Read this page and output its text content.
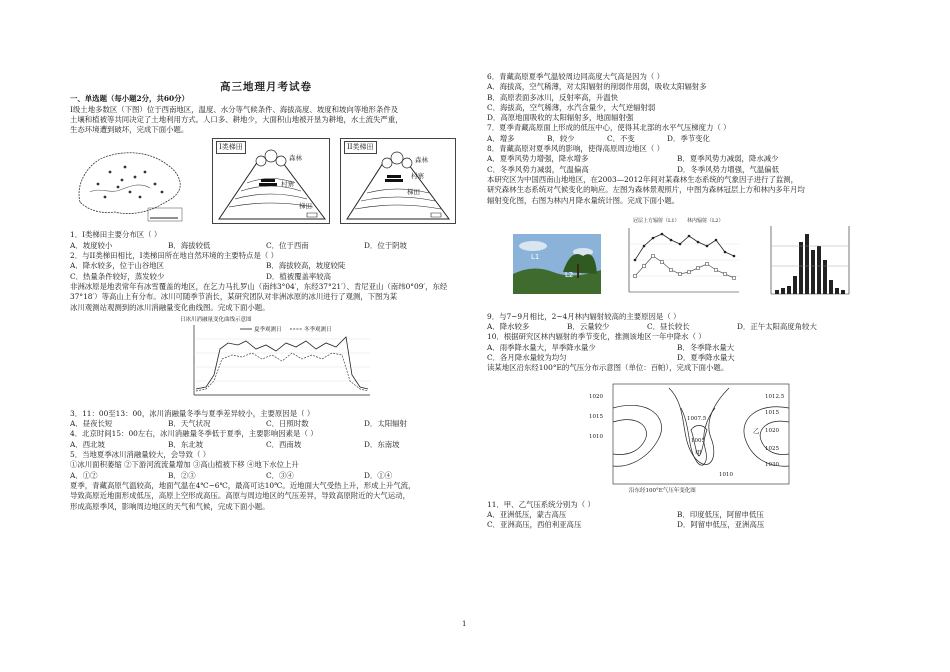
高三地理月考试卷

一、单选题（每小题2分，共60分）

I级土地多数区（下图）位于西南地区，温度、水分等气候条件、海拔高度、坡度和坡向等地形条件及

土壤和植被等共同决定了土地利用方式。人口多、耕地少，大面积山地被开垦为耕地，水土流失严重，

生态环境遭到破坏，完成下面小题。

I类梯田
森林
村寨
梯田
II类梯田
森林
村寨
梯田

1．I类梯田主要分布区（ ）

A．坡度较小	B．海拔较低	C．位于西南	D．位于阴坡

2．与II类梯田相比，I类梯田所在地自然环境的主要特点是（ ）

A．降水较多，位于山谷地区	B．海拔较高，坡度较陡
C．热量条件较好，蒸发较少	D．植被覆盖率较高

非洲冰原是地表常年有冰雪覆盖的地区，在乞力马扎罗山（南纬3°04′，东经37°21′）、肯尼亚山（南纬0°09′，东经

37°18′）等高山上有分布。冰川可随季节消长，某研究团队对非洲冰原的冰川进行了观测，下图为某

冰川观测站观测到的冰川消融量变化曲线图。完成下面小题。

日冰川消融量变化曲线示意图
夏季观测日	冬季观测日

3．11：00至13：00，冰川消融量冬季与夏季差异较小，主要原因是（ ）

A．昼夜长短	B．天气状况	C．日照时数	D．太阳辐射

4．北京时间15：00左右，冰川消融量冬季低于夏季，主要影响因素是（ ）

A．西北坡	B．东北坡	C．西南坡	D．东南坡

5．当地夏季冰川消融量较大，会导致（ ）

①冰川面积萎缩 ②下游河流流量增加 ③高山植被下移 ④地下水位上升

A．①②	B．②③	C．③④	D．①④

夏季，青藏高原气温较高，地面气温在4℃~6℃，最高可达10℃。近地面大气受热上升，形成上升气流，

导致高原近地面形成低压，高原上空形成高压。高原与周边地区的气压差异，导致高原附近的大气运动，

形成高原季风，影响周边地区的天气和气候，完成下面小题。

6．青藏高原夏季气温较周边同高度大气高是因为（ ）

A．海拔高，空气稀薄，对太阳辐射的削弱作用弱，吸收太阳辐射多

B．高原表面多冰川，反射率高，升温快

C．海拔高，空气稀薄，水汽含量少，大气逆辐射弱

D．高原地面吸收的太阳辐射多，地面辐射强

7．夏季青藏高原面上形成的低压中心，使得其北部的水平气压梯度力（ ）

A．增多	B．较少	C．不变	D．季节变化

8．青藏高原对夏季风的影响，使得高原周边地区（ ）

A．夏季风势力增强，降水增多	B．夏季风势力减弱，降水减少
C．冬季风势力减弱，气温偏高	D．冬季风势力增强，气温偏低

本研究区为中国西南山地地区，在2003—2012年间对某森林生态系统的气象因子进行了监测，

研究森林生态系统对气候变化的响应。左图为森林景观照片，中图为森林冠层上方和林内多年月均

辐射变化图，右图为林内月降水量统计图。完成下面小题。

L1
L2
冠层上方辐射（L1） 林内辐射（L2）

9．与7~9月相比，2~4月林内辐射较高的主要原因是（ ）

A．降水较多	B．云量较少	C．昼长较长	D．正午太阳高度角较大

10．根据研究区林内辐射的季节变化，推测该地区一年中降水（ ）

A．雨季降水量大，旱季降水量少	B．冬季降水量大
C．各月降水量较为均匀	D．夏季降水量大

读某地区沿东经100°E的气压分布示意图（单位：百帕），完成下面小题。

1020
1015
1010
1007.5
1005
1010
1012.5
1015
1020
1025
1030
甲
乙
沿东经100°E气压年变化图

11．甲、乙气压系统分别为（ ）

A．亚洲低压，蒙古高压	B．印度低压，阿留申低压
C．亚洲高压，西伯利亚高压	D．阿留申低压，亚洲高压
1
